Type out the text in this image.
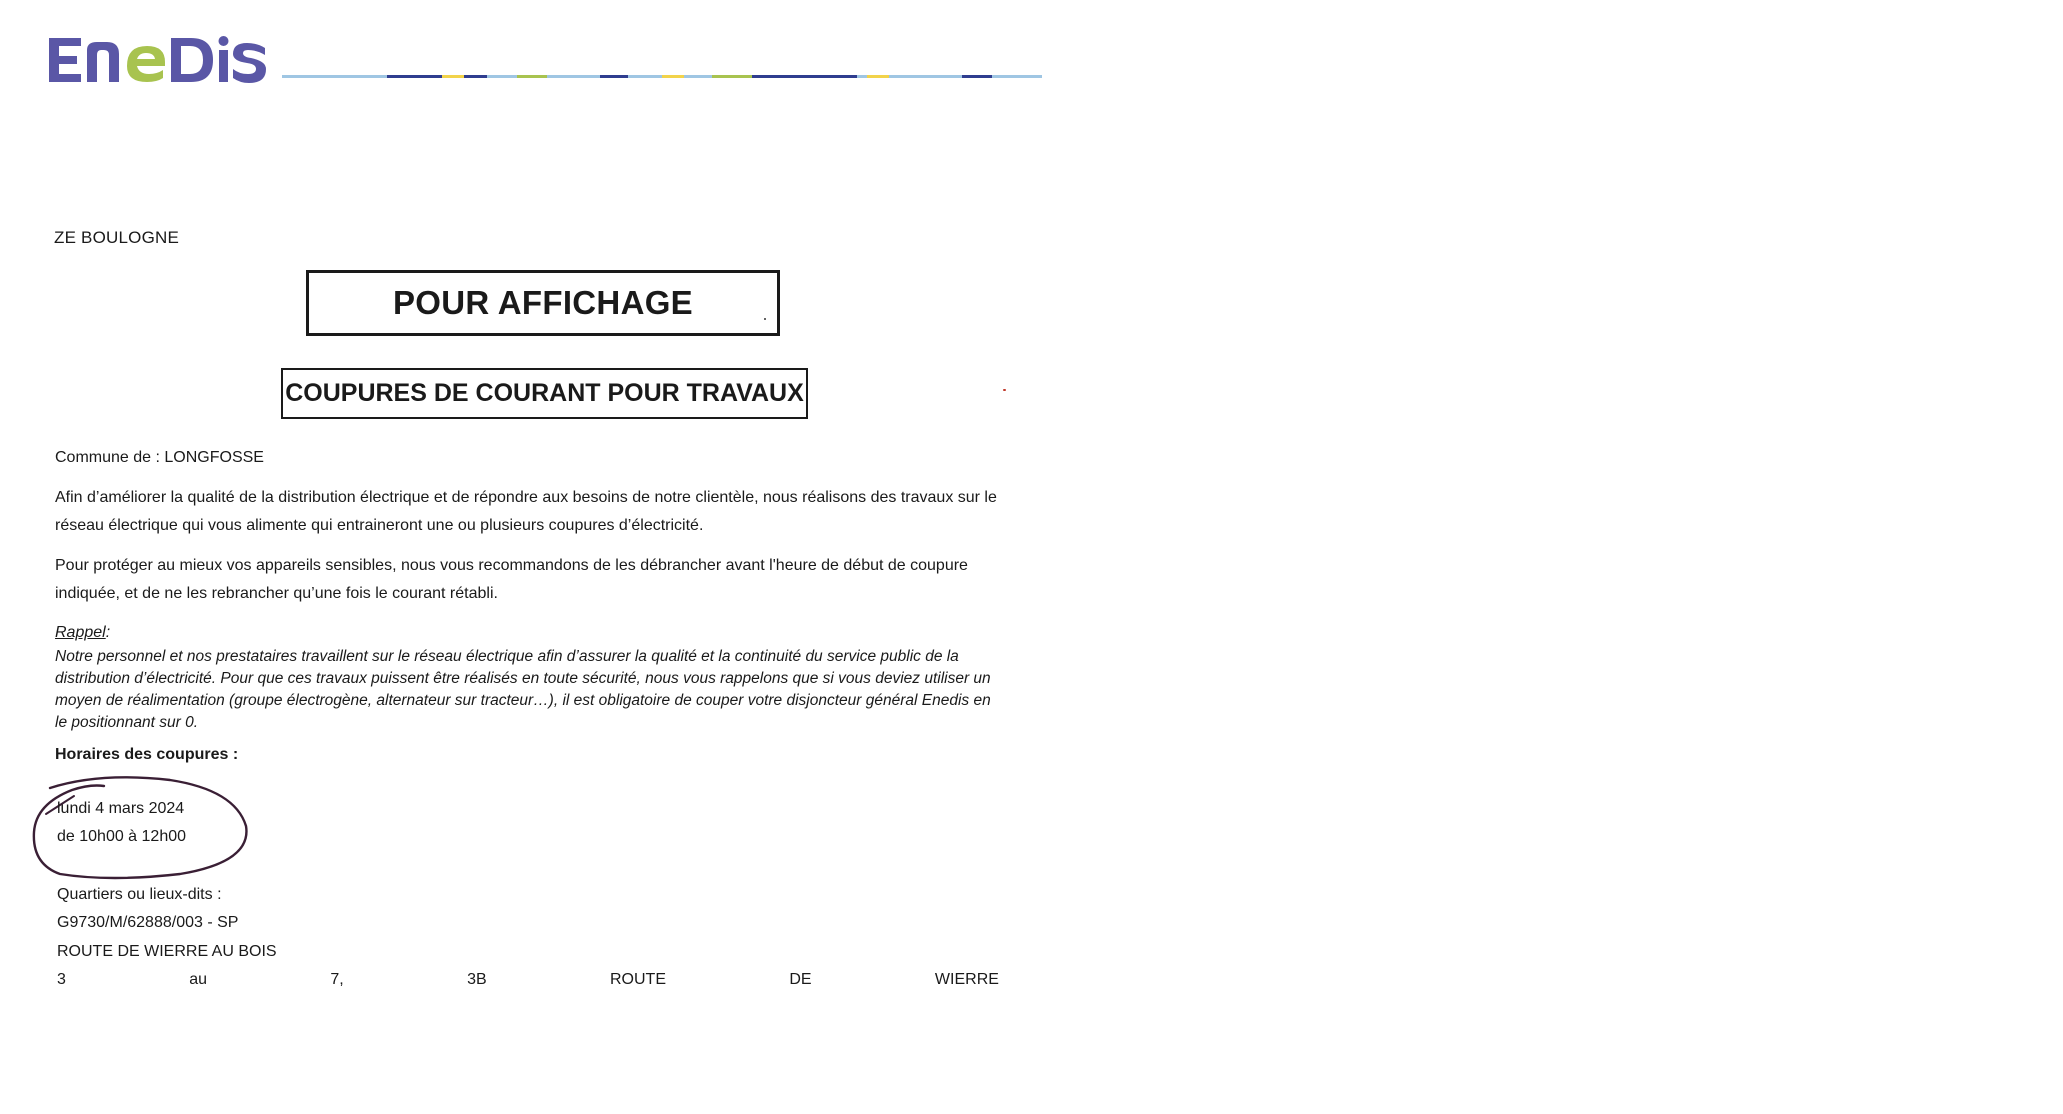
ZE BOULOGNE
POUR AFFICHAGE
COUPURES DE COURANT POUR TRAVAUX
Commune de : LONGFOSSE
Afin d’améliorer la qualité de la distribution électrique et de répondre aux besoins de notre clientèle, nous réalisons des travaux sur le réseau électrique qui vous alimente qui entraineront une ou plusieurs coupures d’électricité.
Pour protéger au mieux vos appareils sensibles, nous vous recommandons de les débrancher avant l'heure de début de coupure indiquée, et de ne les rebrancher qu’une fois le courant rétabli.
Rappel:
Notre personnel et nos prestataires travaillent sur le réseau électrique afin d’assurer la qualité et la continuité du service public de la distribution d’électricité. Pour que ces travaux puissent être réalisés en toute sécurité, nous vous rappelons que si vous deviez utiliser un moyen de réalimentation (groupe électrogène, alternateur sur tracteur…), il est obligatoire de couper votre disjoncteur général Enedis en le positionnant sur 0.
Horaires des coupures :
lundi 4 mars 2024
de 10h00 à 12h00
Quartiers ou lieux-dits :
G9730/M/62888/003 - SP
ROUTE DE WIERRE AU BOIS
3	au	7,	3B	ROUTE	DE	WIERRE
